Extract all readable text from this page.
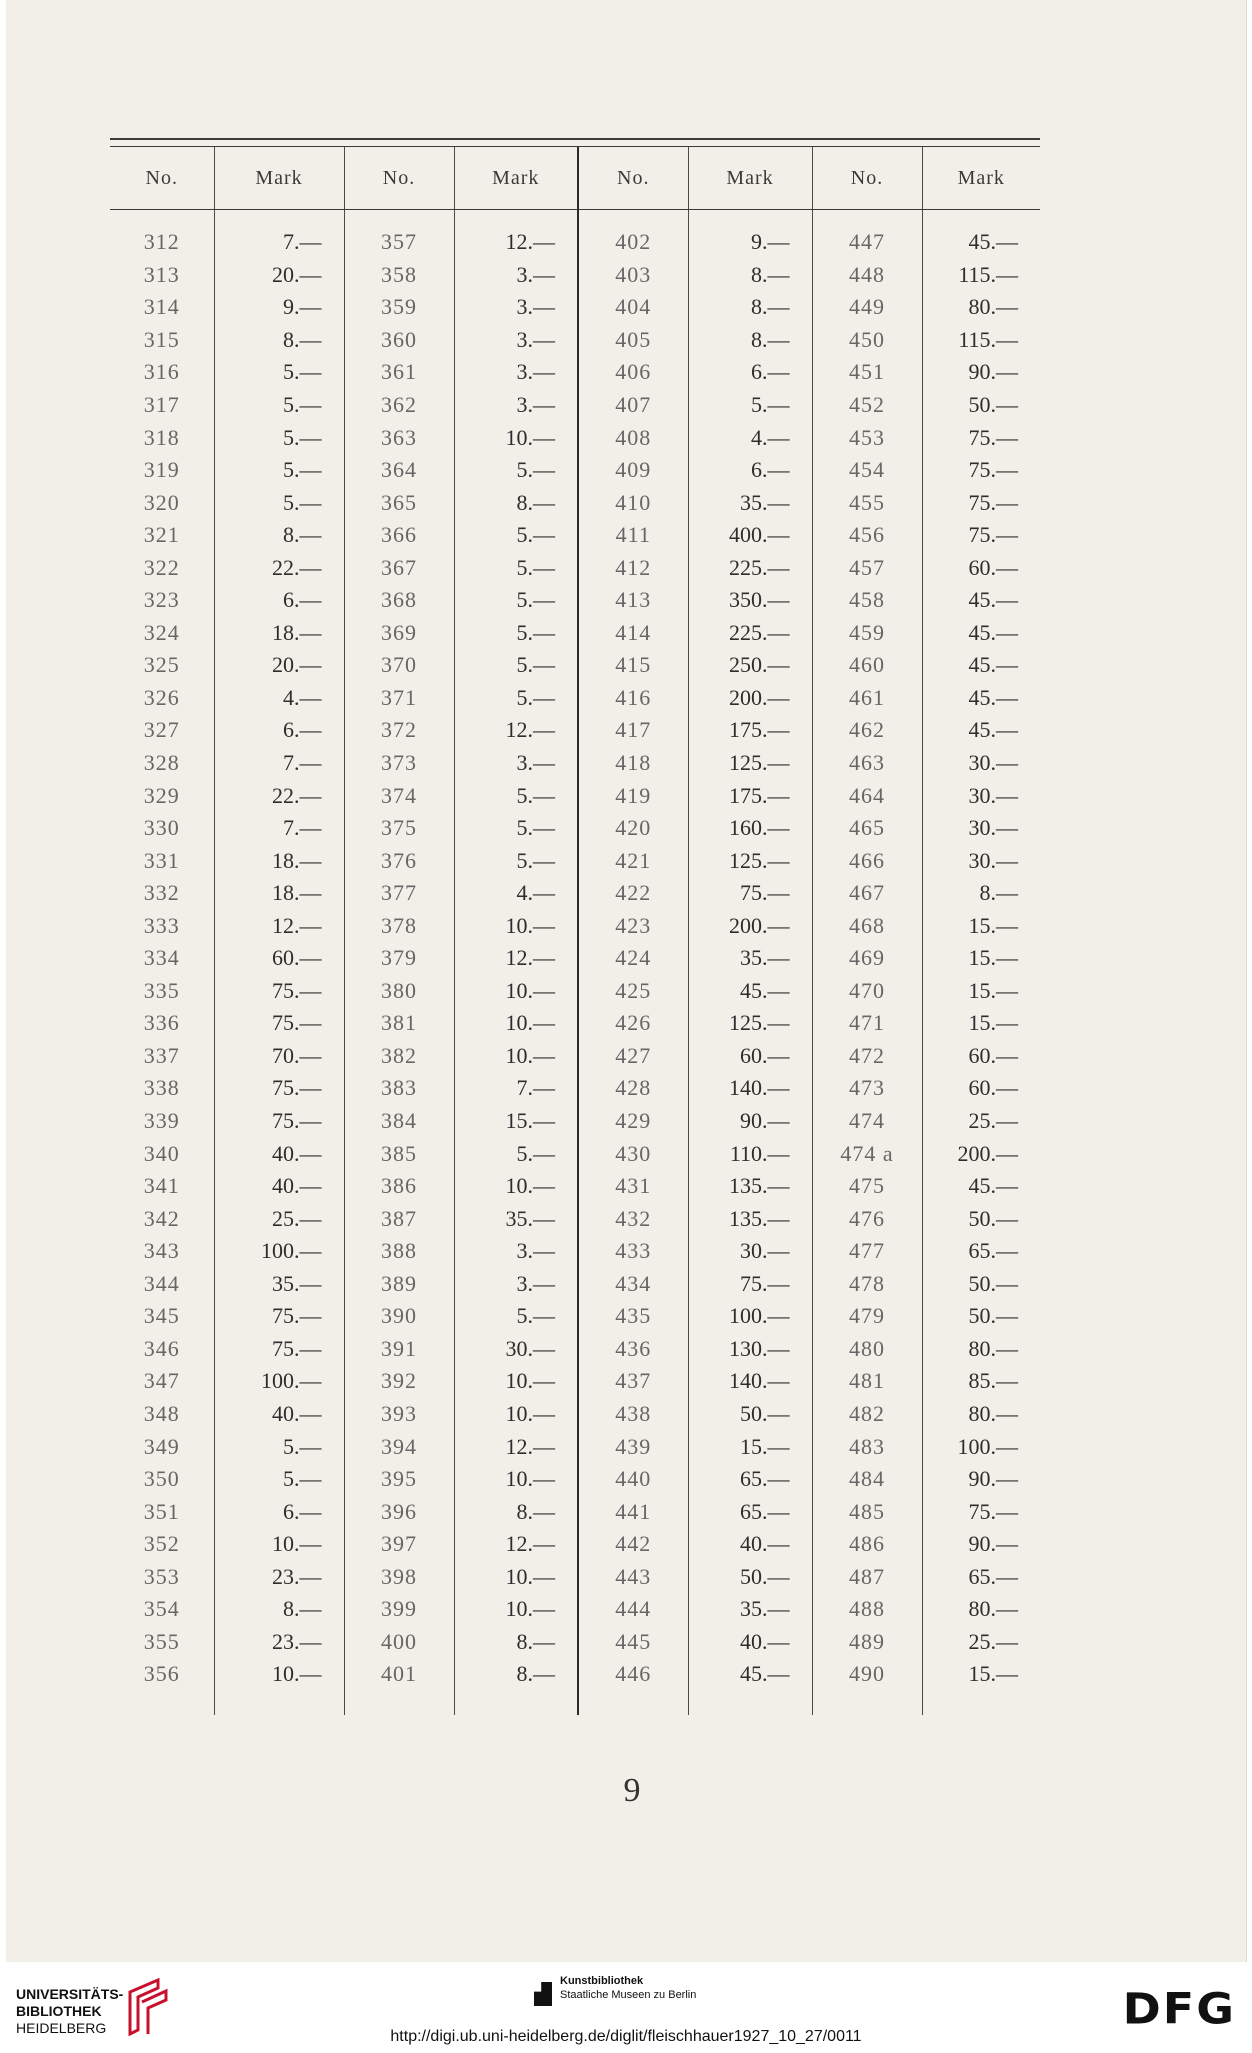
No.	Mark	No.	Mark	No.	Mark	No.	Mark

312	7.—	357	12.—	402	9.—	447	45.—
313	20.—	358	3.—	403	8.—	448	115.—
314	9.—	359	3.—	404	8.—	449	80.—
315	8.—	360	3.—	405	8.—	450	115.—
316	5.—	361	3.—	406	6.—	451	90.—
317	5.—	362	3.—	407	5.—	452	50.—
318	5.—	363	10.—	408	4.—	453	75.—
319	5.—	364	5.—	409	6.—	454	75.—
320	5.—	365	8.—	410	35.—	455	75.—
321	8.—	366	5.—	411	400.—	456	75.—
322	22.—	367	5.—	412	225.—	457	60.—
323	6.—	368	5.—	413	350.—	458	45.—
324	18.—	369	5.—	414	225.—	459	45.—
325	20.—	370	5.—	415	250.—	460	45.—
326	4.—	371	5.—	416	200.—	461	45.—
327	6.—	372	12.—	417	175.—	462	45.—
328	7.—	373	3.—	418	125.—	463	30.—
329	22.—	374	5.—	419	175.—	464	30.—
330	7.—	375	5.—	420	160.—	465	30.—
331	18.—	376	5.—	421	125.—	466	30.—
332	18.—	377	4.—	422	75.—	467	8.—
333	12.—	378	10.—	423	200.—	468	15.—
334	60.—	379	12.—	424	35.—	469	15.—
335	75.—	380	10.—	425	45.—	470	15.—
336	75.—	381	10.—	426	125.—	471	15.—
337	70.—	382	10.—	427	60.—	472	60.—
338	75.—	383	7.—	428	140.—	473	60.—
339	75.—	384	15.—	429	90.—	474	25.—
340	40.—	385	5.—	430	110.—	474 a	200.—
341	40.—	386	10.—	431	135.—	475	45.—
342	25.—	387	35.—	432	135.—	476	50.—
343	100.—	388	3.—	433	30.—	477	65.—
344	35.—	389	3.—	434	75.—	478	50.—
345	75.—	390	5.—	435	100.—	479	50.—
346	75.—	391	30.—	436	130.—	480	80.—
347	100.—	392	10.—	437	140.—	481	85.—
348	40.—	393	10.—	438	50.—	482	80.—
349	5.—	394	12.—	439	15.—	483	100.—
350	5.—	395	10.—	440	65.—	484	90.—
351	6.—	396	8.—	441	65.—	485	75.—
352	10.—	397	12.—	442	40.—	486	90.—
353	23.—	398	10.—	443	50.—	487	65.—
354	8.—	399	10.—	444	35.—	488	80.—
355	23.—	400	8.—	445	40.—	489	25.—
356	10.—	401	8.—	446	45.—	490	15.—

9
UNIVERSITÄTS-
BIBLIOTHEK
HEIDELBERG
Kunstbibliothek
Staatliche Museen zu Berlin	DFG
http://digi.ub.uni-heidelberg.de/diglit/fleischhauer1927_10_27/0011
